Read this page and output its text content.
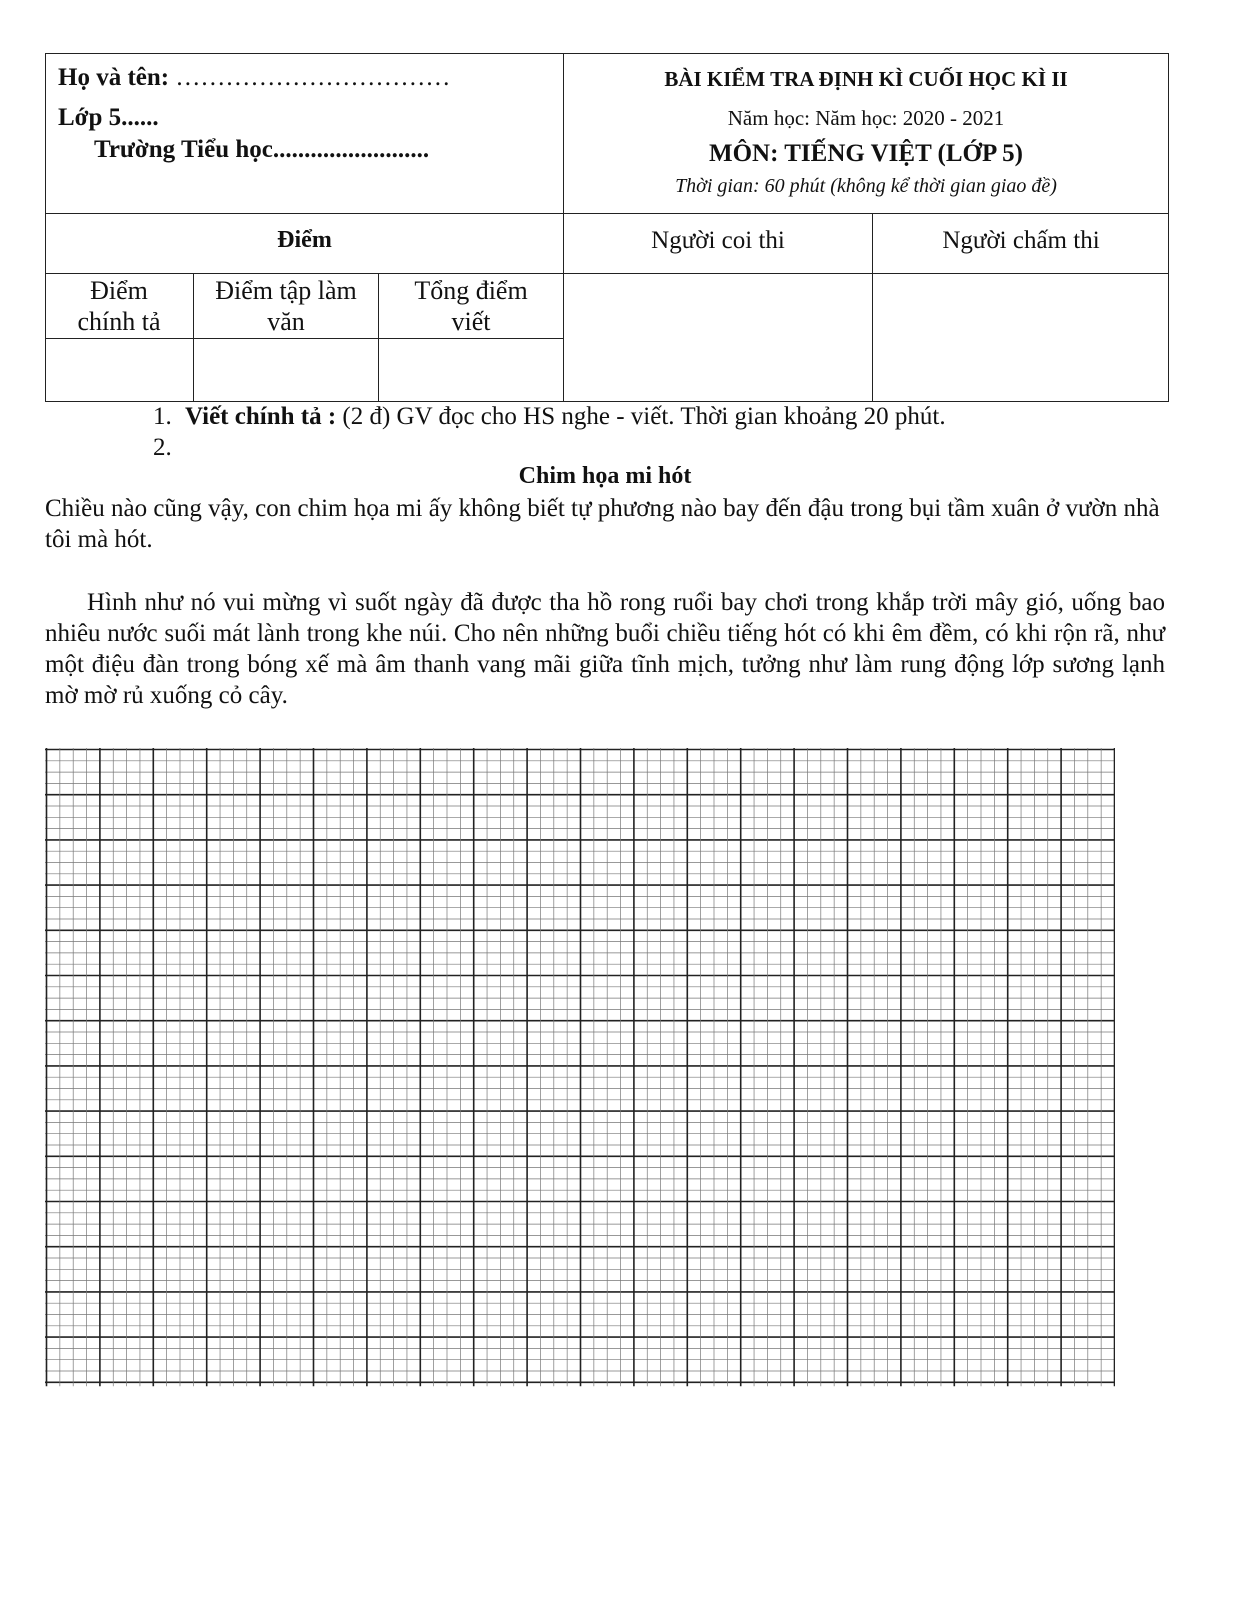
Họ và tên: ……………………………
Lớp 5......
Trường Tiểu học.........................
BÀI KIỂM TRA ĐỊNH KÌ CUỐI HỌC KÌ II
Năm học: Năm học: 2020 - 2021
MÔN: TIẾNG VIỆT (LỚP 5)
Thời gian: 60 phút (không kể thời gian giao đề)
Điểm	Người coi thi	Người chấm thi
Điểm chính tả
Điểm tập làm văn
Tổng điểm viết
1. Viết chính tả : (2 đ) GV đọc cho HS nghe - viết. Thời gian khoảng 20 phút.
2.
Chim họa mi hót
Chiều nào cũng vậy, con chim họa mi ấy không biết tự phương nào bay đến đậu trong bụi tầm xuân ở vườn nhà tôi mà hót.
Hình như nó vui mừng vì suốt ngày đã được tha hồ rong ruổi bay chơi trong khắp trời mây gió, uống bao nhiêu nước suối mát lành trong khe núi. Cho nên những buổi chiều tiếng hót có khi êm đềm, có khi rộn rã, như một điệu đàn trong bóng xế mà âm thanh vang mãi giữa tĩnh mịch, tưởng như làm rung động lớp sương lạnh mờ mờ rủ xuống cỏ cây.
